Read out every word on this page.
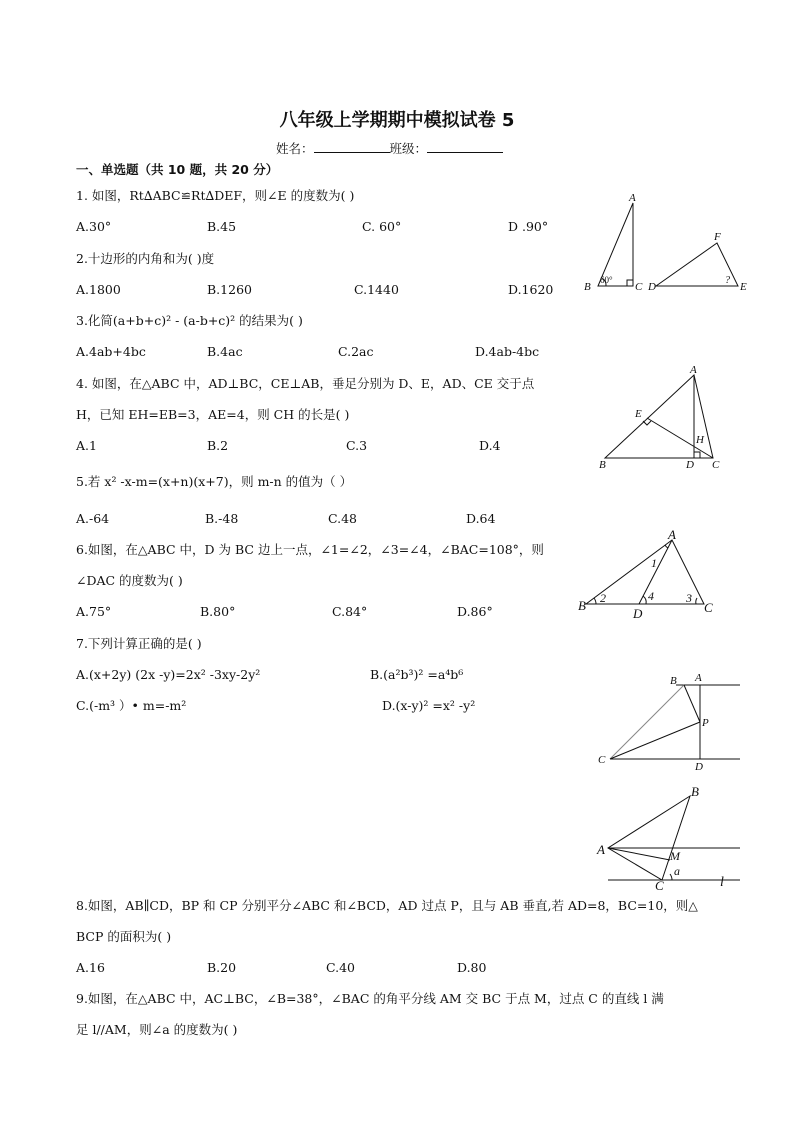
八年级上学期期中模拟试卷 5
姓名：	班级：
一、单选题（共 10 题，共 20 分）
1. 如图，Rt∆ABC≌Rt∆DEF，则∠E 的度数为( )
A.30°	B.45	C. 60°	D .90°
2.十边形的内角和为( )度
A.1800	B.1260	C.1440	D.1620
3.化简(a+b+c)² - (a-b+c)² 的结果为( )
A.4ab+4bc	B.4ac	C.2ac	D.4ab-4bc
4. 如图，在△ABC 中，AD⊥BC，CE⊥AB，垂足分别为 D、E，AD、CE 交于点
H，已知 EH=EB=3，AE=4，则 CH 的长是( )
A.1	B.2	C.3	D.4
5.若 x² -x-m=(x+n)(x+7)，则 m-n 的值为（ ）
A.-64	B.-48	C.48	D.64
6.如图，在△ABC 中，D 为 BC 边上一点，∠1=∠2，∠3=∠4，∠BAC=108°，则
∠DAC 的度数为( )
A.75°	B.80°	C.84°	D.86°
7.下列计算正确的是( )
A.(x+2y) (2x -y)=2x² -3xy-2y²	B.(a²b³)² =a⁴b⁶
C.(-m³ ）• m=-m²	D.(x-y)² =x² -y²
8.如图，AB∥CD，BP 和 CP 分别平分∠ABC 和∠BCD，AD 过点 P，且与 AB 垂直,若 AD=8，BC=10，则△
BCP 的面积为( )
A.16	B.20	C.40	D.80
9.如图，在△ABC 中，AC⊥BC，∠B=38°，∠BAC 的角平分线 AM 交 BC 于点 M，过点 C 的直线 l 满
足 l//AM，则∠a 的度数为( )
A
B	C
60°
D	E
F
?
A
B	C
D
E
H
A
B	C
D
1
2	3
4
A
B
C
D
P
A
B
C
M
a
l
